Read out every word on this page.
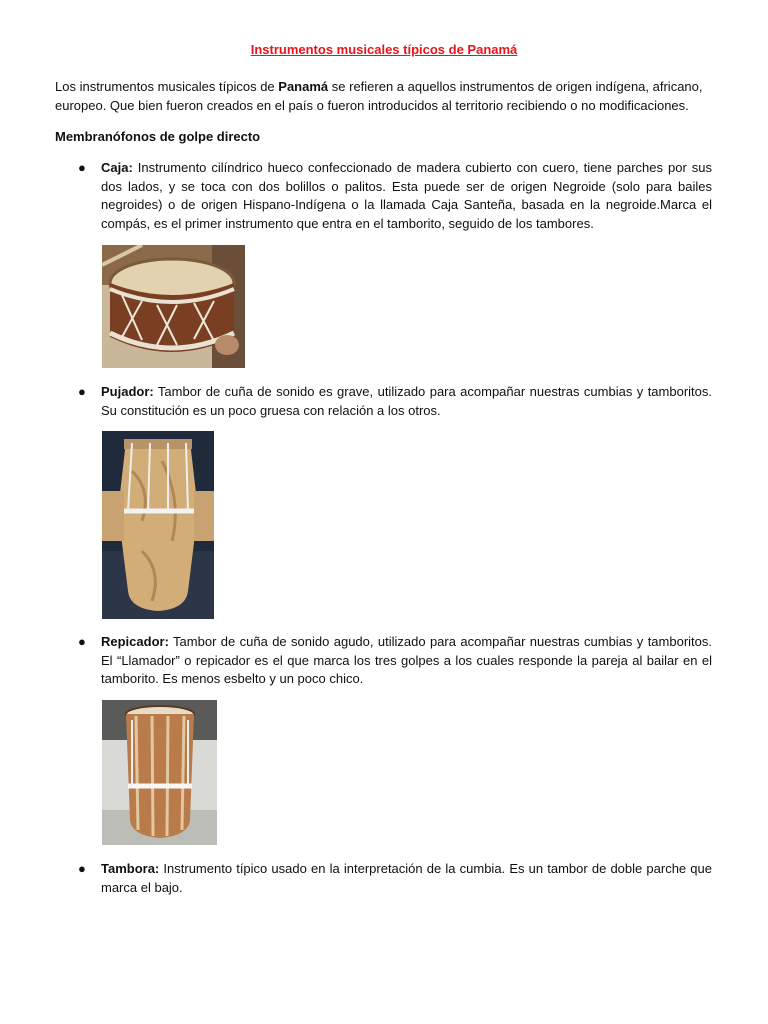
Instrumentos musicales típicos de Panamá

Los instrumentos musicales típicos de Panamá se refieren a aquellos instrumentos de origen indígena, africano, europeo. Que bien fueron creados en el país o fueron introducidos al territorio recibiendo o no modificaciones.

Membranófonos de golpe directo
●	Caja: Instrumento cilíndrico hueco confeccionado de madera cubierto con cuero, tiene parches por sus dos lados, y se toca con dos bolillos o palitos. Esta puede ser de origen Negroide (solo para bailes negroides) o de origen Hispano-Indígena o la llamada Caja Santeña, basada en la negroide.Marca el compás, es el primer instrumento que entra en el tamborito, seguido de los tambores.
●	Pujador: Tambor de cuña de sonido es grave, utilizado para acompañar nuestras cumbias y tamboritos. Su constitución es un poco gruesa con relación a los otros.
●	Repicador: Tambor de cuña de sonido agudo, utilizado para acompañar nuestras cumbias y tamboritos. El “Llamador” o repicador es el que marca los tres golpes a los cuales responde la pareja al bailar en el tamborito. Es menos esbelto y un poco chico.
●	Tambora: Instrumento típico usado en la interpretación de la cumbia. Es un tambor de doble parche que marca el bajo.
